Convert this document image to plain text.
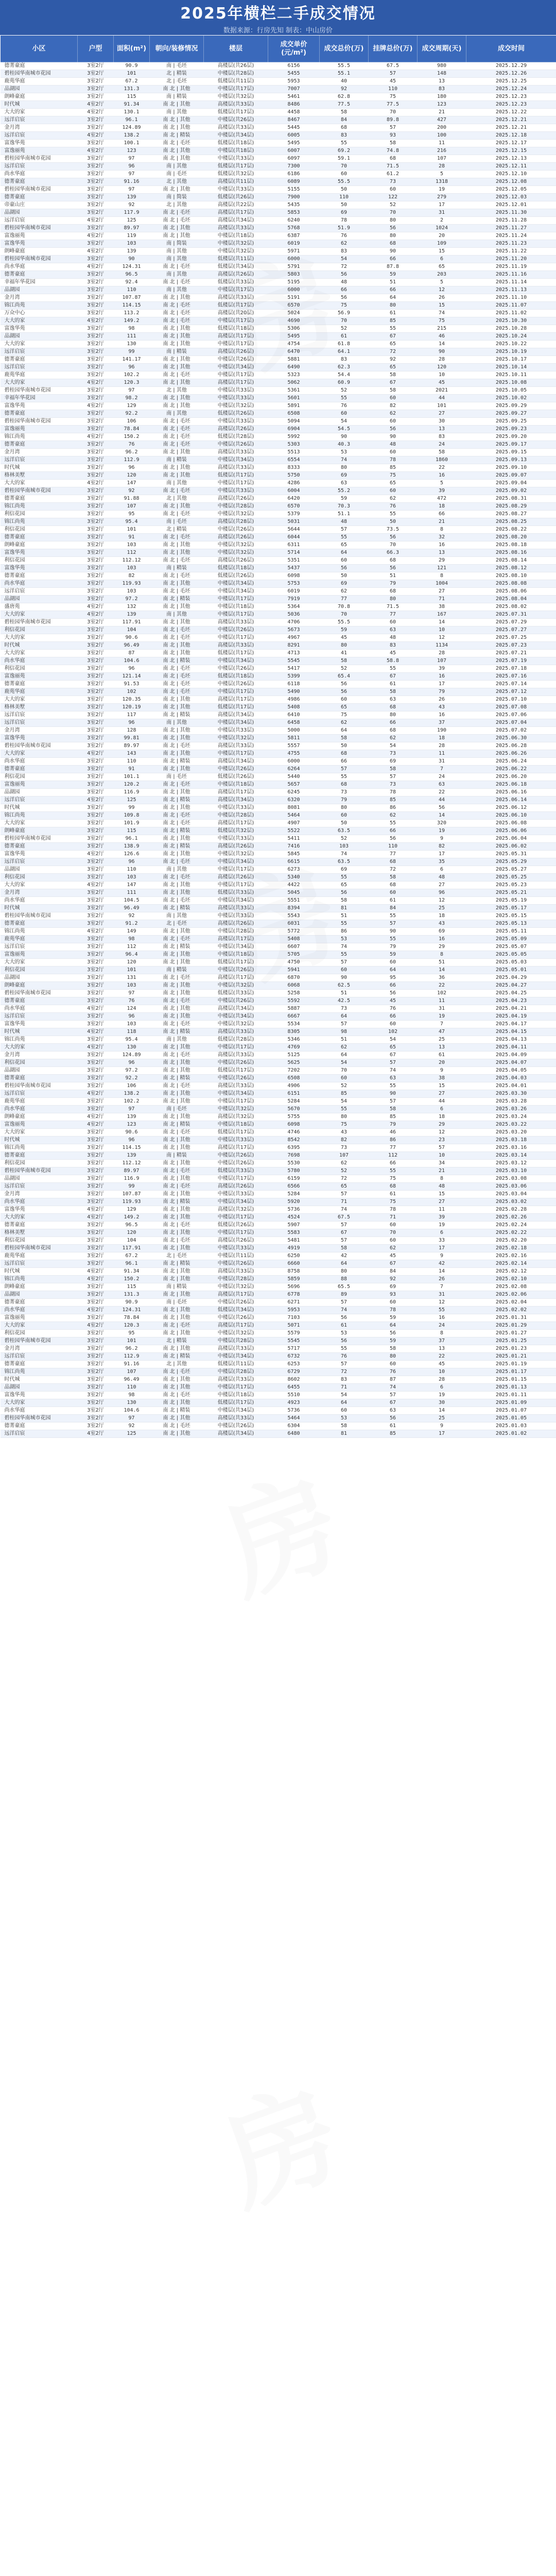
2025年横栏二手成交情况
数据来源：行房先知 制表：中山房价
小区	户型	面积(m²)	朝向/装修情况	楼层	成交单价(元/m²)	成交总价(万)	挂牌总价(万)	成交周期(天)	成交时间
德菁豪庭	3室2厅	90.9	南 | 毛坯	高楼层(共26层)	6156	55.5	67.5	980	2025.12.29
碧桂园华南城市花园	3室2厅	101	北 | 精装	中楼层(共28层)	5455	55.1	57	148	2025.12.26
鹿苑华庭	3室2厅	67.2	北 | 毛坯	低楼层(共11层)	5953	40	45	13	2025.12.25
品湖园	3室2厅	131.3	南 北 | 其他	中楼层(共17层)	7007	92	110	83	2025.12.24
朗峰豪庭	3室2厅	115	南 | 精装	中楼层(共32层)	5461	62.8	75	180	2025.12.23
时代城	4室2厅	91.34	南 北 | 其他	高楼层(共33层)	8486	77.5	77.5	123	2025.12.23
大大的家	4室2厅	130.1	南 | 其他	低楼层(共17层)	4458	58	70	21	2025.12.22
远洋启宸	3室2厅	96.1	南 北 | 其他	中楼层(共26层)	8467	84	89.8	427	2025.12.21
金月湾	3室2厅	124.89	南 北 | 其他	高楼层(共33层)	5445	68	57	200	2025.12.21
远洋启宸	4室2厅	138.2	南 北 | 精装	中楼层(共34层)	6005	83	93	100	2025.12.18
富逸华苑	3室2厅	100.1	南 北 | 毛坯	低楼层(共18层)	5495	55	58	11	2025.12.17
富逸丽苑	4室2厅	123	南 北 | 其他	中楼层(共18层)	6007	69.2	74.8	216	2025.12.15
碧桂园华南城市花园	3室2厅	97	南 北 | 其他	中楼层(共33层)	6097	59.1	68	107	2025.12.13
远洋启宸	3室2厅	96	南 | 其他	低楼层(共17层)	7300	70	71.5	28	2025.12.11
尚水华庭	3室2厅	97	南 | 毛坯	低楼层(共32层)	6186	60	61.2	5	2025.12.10
德菁豪庭	3室2厅	91.16	北 | 其他	高楼层(共11层)	6089	55.5	73	1318	2025.12.08
碧桂园华南城市花园	3室2厅	97	南 北 | 其他	中楼层(共33层)	5155	50	60	19	2025.12.05
德菁豪庭	3室2厅	139	南 | 简装	低楼层(共26层)	7900	110	122	279	2025.12.03
帝豪山庄	3室2厅	92	北 | 其他	高楼层(共22层)	5435	50	52	17	2025.12.01
品湖园	3室2厅	117.9	南 北 | 毛坯	高楼层(共17层)	5853	69	70	31	2025.11.30
远洋启宸	4室2厅	125	南 北 | 毛坯	高楼层(共34层)	6240	78	80	2	2025.11.28
碧桂园华南城市花园	3室2厅	89.97	南 北 | 其他	高楼层(共33层)	5768	51.9	56	1024	2025.11.27
富逸丽苑	4室2厅	119	南 北 | 其他	中楼层(共18层)	6387	76	80	20	2025.11.24
富逸华苑	3室2厅	103	南 | 简装	中楼层(共32层)	6019	62	68	109	2025.11.23
朗峰豪庭	4室2厅	139	南 | 其他	中楼层(共32层)	5971	83	90	15	2025.11.22
碧桂园华南城市花园	3室2厅	90	南 | 其他	低楼层(共11层)	6000	54	66	6	2025.11.20
尚水华庭	4室2厅	124.31	南 北 | 毛坯	低楼层(共34层)	5791	72	87.8	65	2025.11.19
德菁豪庭	3室2厅	96.5	南 | 其他	高楼层(共26层)	5803	56	59	203	2025.11.16
幸福年华花园	3室2厅	92.4	南 北 | 毛坯	低楼层(共33层)	5195	48	51	5	2025.11.14
品湖园	3室2厅	110	南 | 其他	中楼层(共17层)	6000	66	66	12	2025.11.13
金月湾	3室2厅	107.87	南 北 | 其他	高楼层(共33层)	5191	56	64	26	2025.11.10
锦江尚苑	3室2厅	114.15	南 北 | 毛坯	低楼层(共17层)	6570	75	80	15	2025.11.07
万众中心	3室2厅	113.2	南 北 | 毛坯	高楼层(共20层)	5024	56.9	61	74	2025.11.02
大大的家	4室2厅	149.2	南 北 | 毛坯	中楼层(共17层)	4690	70	85	75	2025.10.30
富逸华苑	3室2厅	98	南 北 | 其他	低楼层(共18层)	5306	52	55	215	2025.10.28
品湖园	3室2厅	111	南 北 | 其他	高楼层(共17层)	5495	61	67	46	2025.10.24
大大的家	3室2厅	130	南 北 | 其他	中楼层(共17层)	4754	61.8	65	14	2025.10.22
远洋启宸	3室2厅	99	南 | 精装	高楼层(共26层)	6470	64.1	72	90	2025.10.19
德菁豪庭	3室2厅	141.17	南 北 | 其他	中楼层(共26层)	5881	83	92	28	2025.10.17
远洋启宸	3室2厅	96	南 北 | 其他	中楼层(共34层)	6490	62.3	65	120	2025.10.14
鹿苑华庭	3室2厅	102.2	南 北 | 毛坯	中楼层(共17层)	5323	54.4	58	10	2025.10.11
大大的家	4室2厅	120.3	南 北 | 其他	高楼层(共17层)	5062	60.9	67	45	2025.10.08
碧桂园华南城市花园	3室2厅	97	北 | 其他	中楼层(共33层)	5361	52	58	2021	2025.10.05
幸福年华花园	3室2厅	98.2	南 北 | 其他	中楼层(共33层)	5601	55	60	44	2025.10.02
富逸华苑	4室2厅	129	南 北 | 其他	中楼层(共32层)	5891	76	82	101	2025.09.29
德菁豪庭	3室2厅	92.2	南 | 其他	低楼层(共26层)	6508	60	62	27	2025.09.27
碧桂园华南城市花园	3室2厅	106	南 北 | 毛坯	中楼层(共33层)	5094	54	60	30	2025.09.25
富逸丽苑	3室2厅	78.84	南 北 | 毛坯	高楼层(共26层)	6904	54.5	56	13	2025.09.23
锦江尚苑	4室2厅	150.2	南 北 | 毛坯	低楼层(共28层)	5992	90	90	83	2025.09.20
德菁豪庭	3室2厅	76	南 北 | 毛坯	中楼层(共26层)	5303	40.3	48	24	2025.09.17
金月湾	3室2厅	96.2	南 北 | 其他	高楼层(共33层)	5513	53	60	58	2025.09.15
远洋启宸	3室2厅	112.9	南 | 精装	中楼层(共34层)	6554	74	78	1860	2025.09.13
时代城	3室2厅	96	南 北 | 其他	高楼层(共33层)	8333	80	85	22	2025.09.10
格林美墅	3室2厅	120	南 北 | 其他	低楼层(共17层)	5750	69	75	16	2025.09.07
大大的家	4室2厅	147	南 | 其他	中楼层(共17层)	4286	63	65	5	2025.09.04
碧桂园华南城市花园	3室2厅	92	南 北 | 毛坯	中楼层(共33层)	6004	55.2	60	39	2025.09.02
德菁豪庭	3室2厅	91.88	北 | 其他	高楼层(共26层)	6420	59	62	472	2025.08.31
锦江尚苑	3室2厅	107	南 北 | 其他	中楼层(共28层)	6570	70.3	76	18	2025.08.29
利信花园	3室2厅	95	南 北 | 毛坯	中楼层(共32层)	5379	51.1	55	66	2025.08.27
锦江尚苑	3室2厅	95.4	南 | 毛坯	高楼层(共28层)	5031	48	50	21	2025.08.25
利信花园	3室2厅	101	北 | 精装	中楼层(共26层)	5644	57	73.5	8	2025.08.22
德菁豪庭	3室2厅	91	南 北 | 毛坯	高楼层(共26层)	6044	55	56	32	2025.08.20
朗峰豪庭	3室2厅	103	南 北 | 其他	中楼层(共32层)	6311	65	70	16	2025.08.18
富逸华苑	3室2厅	112	南 北 | 其他	中楼层(共32层)	5714	64	66.3	13	2025.08.16
利信花园	3室2厅	112.12	南 北 | 毛坯	高楼层(共26层)	5351	60	68	29	2025.08.14
富逸华苑	3室2厅	103	南 | 精装	低楼层(共18层)	5437	56	56	121	2025.08.12
德菁豪庭	3室2厅	82	南 北 | 毛坯	低楼层(共26层)	6098	50	51	8	2025.08.10
尚水华庭	3室2厅	119.93	南 北 | 其他	中楼层(共34层)	5753	69	79	1004	2025.08.08
远洋启宸	3室2厅	103	南 北 | 毛坯	中楼层(共34层)	6019	62	68	27	2025.08.06
品湖园	3室2厅	97.2	南 北 | 精装	中楼层(共17层)	7919	77	80	71	2025.08.04
盛唐苑	4室2厅	132	南 北 | 其他	中楼层(共18层)	5364	70.8	71.5	38	2025.08.02
大大的家	4室2厅	139	南 | 其他	中楼层(共17层)	5036	70	77	167	2025.07.31
碧桂园华南城市花园	3室2厅	117.91	南 北 | 其他	高楼层(共33层)	4706	55.5	60	14	2025.07.29
利信花园	3室2厅	104	南 北 | 毛坯	中楼层(共26层)	5673	59	63	10	2025.07.27
大大的家	3室2厅	90.6	南 北 | 毛坯	中楼层(共17层)	4967	45	48	12	2025.07.25
时代城	3室2厅	96.49	南 北 | 其他	高楼层(共33层)	8291	80	83	1134	2025.07.23
大大的家	3室2厅	87	南 北 | 其他	低楼层(共17层)	4713	41	45	28	2025.07.21
尚水华庭	3室2厅	104.6	南 北 | 精装	中楼层(共34层)	5545	58	58.8	107	2025.07.19
利信花园	3室2厅	96	南 北 | 毛坯	中楼层(共26层)	5417	52	55	39	2025.07.18
富逸丽苑	3室2厅	121.14	南 北 | 毛坯	低楼层(共18层)	5399	65.4	67	16	2025.07.16
德菁豪庭	3室2厅	91.53	南 北 | 毛坯	中楼层(共26层)	6118	56	61	17	2025.07.14
鹿苑华庭	3室2厅	102	南 北 | 毛坯	中楼层(共17层)	5490	56	58	79	2025.07.12
大大的家	3室2厅	120.35	南 北 | 其他	高楼层(共17层)	4986	60	63	26	2025.07.10
格林美墅	3室2厅	120.19	南 北 | 其他	低楼层(共17层)	5408	65	68	43	2025.07.08
远洋启宸	3室2厅	117	南 北 | 精装	高楼层(共34层)	6410	75	80	16	2025.07.06
远洋启宸	3室2厅	96	南 | 其他	中楼层(共34层)	6458	62	66	37	2025.07.04
金月湾	3室2厅	128	南 北 | 其他	中楼层(共33层)	5000	64	68	190	2025.07.02
富逸华苑	3室2厅	99.81	南 北 | 其他	中楼层(共32层)	5811	58	62	18	2025.06.30
碧桂园华南城市花园	3室2厅	89.97	南 北 | 毛坯	高楼层(共33层)	5557	50	54	28	2025.06.28
大大的家	4室2厅	143	南 北 | 其他	中楼层(共17层)	4755	68	73	11	2025.06.26
尚水华庭	3室2厅	110	南 北 | 精装	高楼层(共34层)	6000	66	69	31	2025.06.24
德菁豪庭	3室2厅	91	南 北 | 其他	中楼层(共26层)	6264	57	58	7	2025.06.22
利信花园	3室2厅	101.1	南 | 毛坯	低楼层(共26层)	5440	55	57	24	2025.06.20
富逸丽苑	3室2厅	120.2	南 北 | 毛坯	中楼层(共18层)	5657	68	73	63	2025.06.18
品湖园	3室2厅	116.9	南 北 | 其他	高楼层(共17层)	6245	73	78	22	2025.06.16
远洋启宸	4室2厅	125	南 北 | 精装	高楼层(共34层)	6320	79	85	44	2025.06.14
时代城	3室2厅	99	南 北 | 其他	中楼层(共33层)	8081	80	86	56	2025.06.12
锦江尚苑	3室2厅	109.8	南 北 | 毛坯	中楼层(共28层)	5464	60	62	14	2025.06.10
大大的家	3室2厅	101.9	南 北 | 毛坯	高楼层(共17层)	4907	50	55	320	2025.06.08
朗峰豪庭	3室2厅	115	南 北 | 精装	低楼层(共32层)	5522	63.5	66	19	2025.06.06
碧桂园华南城市花园	3室2厅	96.1	南 北 | 其他	中楼层(共33层)	5411	52	56	9	2025.06.04
德菁豪庭	3室2厅	138.9	南 北 | 精装	高楼层(共26层)	7416	103	110	82	2025.06.02
富逸华苑	4室2厅	126.6	南 北 | 其他	中楼层(共32层)	5845	74	77	17	2025.05.31
远洋启宸	3室2厅	96	南 北 | 毛坯	中楼层(共34层)	6615	63.5	68	35	2025.05.29
品湖园	3室2厅	110	南 | 其他	中楼层(共17层)	6273	69	72	6	2025.05.27
利信花园	3室2厅	103	南 北 | 毛坯	高楼层(共26层)	5340	55	58	48	2025.05.25
大大的家	4室2厅	147	南 北 | 其他	中楼层(共17层)	4422	65	68	27	2025.05.23
金月湾	3室2厅	111	南 北 | 其他	低楼层(共33层)	5045	56	60	96	2025.05.21
尚水华庭	3室2厅	104.5	南 北 | 毛坯	中楼层(共34层)	5551	58	61	12	2025.05.19
时代城	3室2厅	96.49	南 北 | 精装	高楼层(共33层)	8394	81	84	25	2025.05.17
碧桂园华南城市花园	3室2厅	92	南 | 其他	中楼层(共33层)	5543	51	55	18	2025.05.15
德菁豪庭	3室2厅	91.2	北 | 毛坯	高楼层(共26层)	6031	55	57	43	2025.05.13
锦江尚苑	4室2厅	149	南 北 | 其他	中楼层(共28层)	5772	86	90	69	2025.05.11
鹿苑华庭	3室2厅	98	南 北 | 毛坯	高楼层(共17层)	5408	53	55	16	2025.05.09
远洋启宸	3室2厅	112	南 北 | 精装	中楼层(共34层)	6607	74	79	29	2025.05.07
富逸丽苑	3室2厅	96.4	南 北 | 其他	中楼层(共18层)	5705	55	59	8	2025.05.05
大大的家	3室2厅	120	南 北 | 其他	低楼层(共17层)	4750	57	60	51	2025.05.03
利信花园	3室2厅	101	南 | 精装	中楼层(共26层)	5941	60	64	14	2025.05.01
品湖园	3室2厅	131	南 北 | 毛坯	高楼层(共17层)	6870	90	95	36	2025.04.29
朗峰豪庭	3室2厅	103	南 北 | 其他	中楼层(共32层)	6068	62.5	66	22	2025.04.27
碧桂园华南城市花园	3室2厅	97	南 北 | 其他	低楼层(共33层)	5258	51	56	102	2025.04.25
德菁豪庭	3室2厅	76	南 北 | 毛坯	中楼层(共26层)	5592	42.5	45	11	2025.04.23
尚水华庭	4室2厅	124	南 北 | 其他	高楼层(共34层)	5887	73	76	31	2025.04.21
远洋启宸	3室2厅	96	南 北 | 其他	中楼层(共34层)	6667	64	66	19	2025.04.19
富逸华苑	3室2厅	103	南 北 | 毛坯	中楼层(共32层)	5534	57	60	7	2025.04.17
时代城	4室2厅	118	南 北 | 精装	高楼层(共33层)	8305	98	102	47	2025.04.15
锦江尚苑	3室2厅	95.4	南 | 其他	低楼层(共28层)	5346	51	54	25	2025.04.13
大大的家	4室2厅	130	南 北 | 其他	中楼层(共17层)	4769	62	65	13	2025.04.11
金月湾	3室2厅	124.89	南 北 | 毛坯	高楼层(共33层)	5125	64	67	61	2025.04.09
利信花园	3室2厅	96	南 北 | 其他	中楼层(共26层)	5625	54	57	20	2025.04.07
品湖园	3室2厅	97.2	南 北 | 其他	低楼层(共17层)	7202	70	74	9	2025.04.05
德菁豪庭	3室2厅	92.2	南 北 | 精装	中楼层(共26层)	6508	60	63	38	2025.04.03
碧桂园华南城市花园	3室2厅	106	南 北 | 毛坯	高楼层(共33层)	4906	52	55	15	2025.04.01
远洋启宸	4室2厅	138.2	南 北 | 其他	中楼层(共34层)	6151	85	90	27	2025.03.30
鹿苑华庭	3室2厅	102.2	南 北 | 其他	中楼层(共17层)	5284	54	57	44	2025.03.28
尚水华庭	3室2厅	97	南 | 毛坯	中楼层(共32层)	5670	55	58	6	2025.03.26
朗峰豪庭	4室2厅	139	南 北 | 其他	高楼层(共32层)	5755	80	85	18	2025.03.24
富逸丽苑	4室2厅	123	南 北 | 精装	中楼层(共18层)	6098	75	79	29	2025.03.22
大大的家	3室2厅	90.6	南 北 | 毛坯	低楼层(共17层)	4746	43	46	12	2025.03.20
时代城	3室2厅	96	南 北 | 其他	中楼层(共33层)	8542	82	86	23	2025.03.18
锦江尚苑	3室2厅	114.15	南 北 | 其他	高楼层(共17层)	6395	73	77	57	2025.03.16
德菁豪庭	3室2厅	139	南 | 精装	中楼层(共26层)	7698	107	112	10	2025.03.14
利信花园	3室2厅	112.12	南 北 | 其他	中楼层(共26层)	5530	62	66	34	2025.03.12
碧桂园华南城市花园	3室2厅	89.97	南 北 | 毛坯	低楼层(共33层)	5780	52	55	21	2025.03.10
品湖园	3室2厅	116.9	南 北 | 其他	中楼层(共17层)	6159	72	75	8	2025.03.08
远洋启宸	3室2厅	99	南 北 | 毛坯	高楼层(共26层)	6566	65	68	48	2025.03.06
金月湾	3室2厅	107.87	南 北 | 其他	中楼层(共33层)	5284	57	61	15	2025.03.04
尚水华庭	3室2厅	119.93	南 北 | 精装	中楼层(共34层)	5920	71	75	27	2025.03.02
富逸华苑	4室2厅	129	南 北 | 其他	高楼层(共32层)	5736	74	78	11	2025.02.28
大大的家	4室2厅	149.2	南 北 | 其他	中楼层(共17层)	4524	67.5	71	39	2025.02.26
德菁豪庭	3室2厅	96.5	南 北 | 毛坯	低楼层(共26层)	5907	57	60	19	2025.02.24
格林美墅	3室2厅	120	南 北 | 其他	中楼层(共17层)	5583	67	70	6	2025.02.22
利信花园	3室2厅	104	南 北 | 毛坯	高楼层(共26层)	5481	57	60	33	2025.02.20
碧桂园华南城市花园	3室2厅	117.91	南 北 | 其他	中楼层(共33层)	4919	58	62	17	2025.02.18
鹿苑华庭	3室2厅	67.2	北 | 毛坯	中楼层(共11层)	6250	42	45	9	2025.02.16
远洋启宸	3室2厅	96.1	南 北 | 精装	中楼层(共26层)	6660	64	67	42	2025.02.14
时代城	4室2厅	91.34	南 北 | 其他	高楼层(共33层)	8758	80	84	14	2025.02.12
锦江尚苑	4室2厅	150.2	南 北 | 其他	中楼层(共28层)	5859	88	92	26	2025.02.10
朗峰豪庭	3室2厅	115	南 | 精装	中楼层(共32层)	5696	65.5	69	7	2025.02.08
品湖园	3室2厅	131.3	南 北 | 其他	高楼层(共17层)	6778	89	93	31	2025.02.06
德菁豪庭	3室2厅	90.9	南 | 毛坯	中楼层(共26层)	6271	57	60	12	2025.02.04
尚水华庭	4室2厅	124.31	南 北 | 其他	低楼层(共34层)	5953	74	78	55	2025.02.02
富逸丽苑	3室2厅	78.84	南 北 | 其他	中楼层(共26层)	7103	56	59	16	2025.01.31
大大的家	4室2厅	120.3	南 北 | 毛坯	高楼层(共17层)	5071	61	64	24	2025.01.29
利信花园	3室2厅	95	南 北 | 其他	中楼层(共32层)	5579	53	56	8	2025.01.27
碧桂园华南城市花园	3室2厅	101	北 | 精装	中楼层(共28层)	5545	56	59	37	2025.01.25
金月湾	3室2厅	96.2	南 北 | 其他	高楼层(共33层)	5717	55	58	13	2025.01.23
远洋启宸	3室2厅	112.9	南 北 | 精装	中楼层(共34层)	6732	76	80	22	2025.01.21
德菁豪庭	3室2厅	91.16	北 | 其他	低楼层(共11层)	6253	57	60	45	2025.01.19
锦江尚苑	3室2厅	107	南 北 | 毛坯	中楼层(共28层)	6729	72	76	10	2025.01.17
时代城	3室2厅	96.49	南 北 | 其他	高楼层(共33层)	8602	83	87	28	2025.01.15
品湖园	3室2厅	110	南 北 | 其他	中楼层(共17层)	6455	71	74	6	2025.01.13
富逸华苑	3室2厅	98	南 北 | 毛坯	中楼层(共18层)	5510	54	57	19	2025.01.11
大大的家	3室2厅	130	南 北 | 其他	低楼层(共17层)	4923	64	67	30	2025.01.09
尚水华庭	3室2厅	104.6	南 北 | 精装	中楼层(共34层)	5736	60	63	14	2025.01.07
碧桂园华南城市花园	3室2厅	97	南 北 | 其他	高楼层(共33层)	5464	53	56	25	2025.01.05
德菁豪庭	3室2厅	92	南 北 | 毛坯	中楼层(共26层)	6304	58	61	9	2025.01.03
远洋启宸	4室2厅	125	南 北 | 其他	高楼层(共34层)	6480	81	85	17	2025.01.02
